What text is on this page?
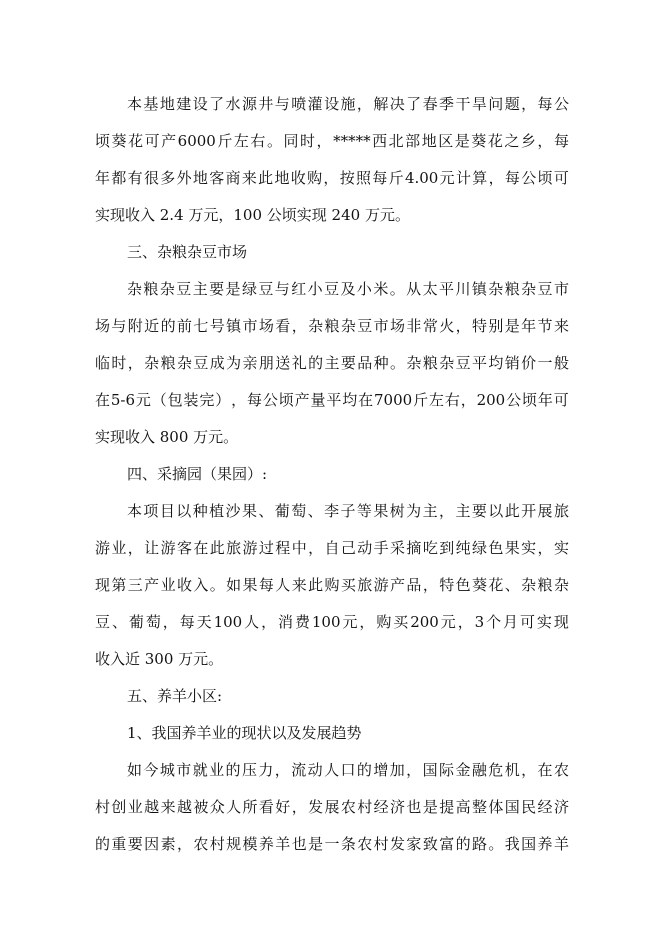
本 基 地 建 设 了 水 源 井 与 喷 灌 设 施 ， 解 决 了 春 季 干 旱 问 题 ， 每 公
顷 葵 花 可 产 6000 斤 左 右 。 同 时 ， ***** 西 北 部 地 区 是 葵 花 之 乡 ， 每
年 都 有 很 多 外 地 客 商 来 此 地 收 购 ， 按 照 每 斤 4.00 元 计 算 ， 每 公 顷 可
实现收入 2.4 万元，100 公顷实现 240 万元。
三、杂粮杂豆市场
杂 粮 杂 豆 主 要 是 绿 豆 与 红 小 豆 及 小 米 。 从 太 平 川 镇 杂 粮 杂 豆 市
场 与 附 近 的 前 七 号 镇 市 场 看 ， 杂 粮 杂 豆 市 场 非 常 火 ， 特 别 是 年 节 来
临 时 ， 杂 粮 杂 豆 成 为 亲 朋 送 礼 的 主 要 品 种 。 杂 粮 杂 豆 平 均 销 价 一 般
在 5-6 元 （ 包 装 完 ） ， 每 公 顷 产 量 平 均 在 7000 斤 左 右 ， 200 公 顷 年 可
实现收入 800 万元。
四、采摘园（果园）:
本 项 目 以 种 植 沙 果 、 葡 萄 、 李 子 等 果 树 为 主 ， 主 要 以 此 开 展 旅
游 业 ， 让 游 客 在 此 旅 游 过 程 中 ， 自 己 动 手 采 摘 吃 到 纯 绿 色 果 实 ， 实
现 第 三 产 业 收 入 。 如 果 每 人 来 此 购 买 旅 游 产 品 ， 特 色 葵 花 、 杂 粮 杂
豆 、 葡 萄 ， 每 天 100 人 ， 消 费 100 元 ， 购 买 200 元 ， 3 个 月 可 实 现
收入近 300 万元。
五、养羊小区:
1、我国养羊业的现状以及发展趋势
如 今 城 市 就 业 的 压 力 ， 流 动 人 口 的 增 加 ， 国 际 金 融 危 机 ， 在 农
村 创 业 越 来 越 被 众 人 所 看 好 ， 发 展 农 村 经 济 也 是 提 高 整 体 国 民 经 济
的 重 要 因 素 ， 农 村 规 模 养 羊 也 是 一 条 农 村 发 家 致 富 的 路 。 我 国 养 羊
